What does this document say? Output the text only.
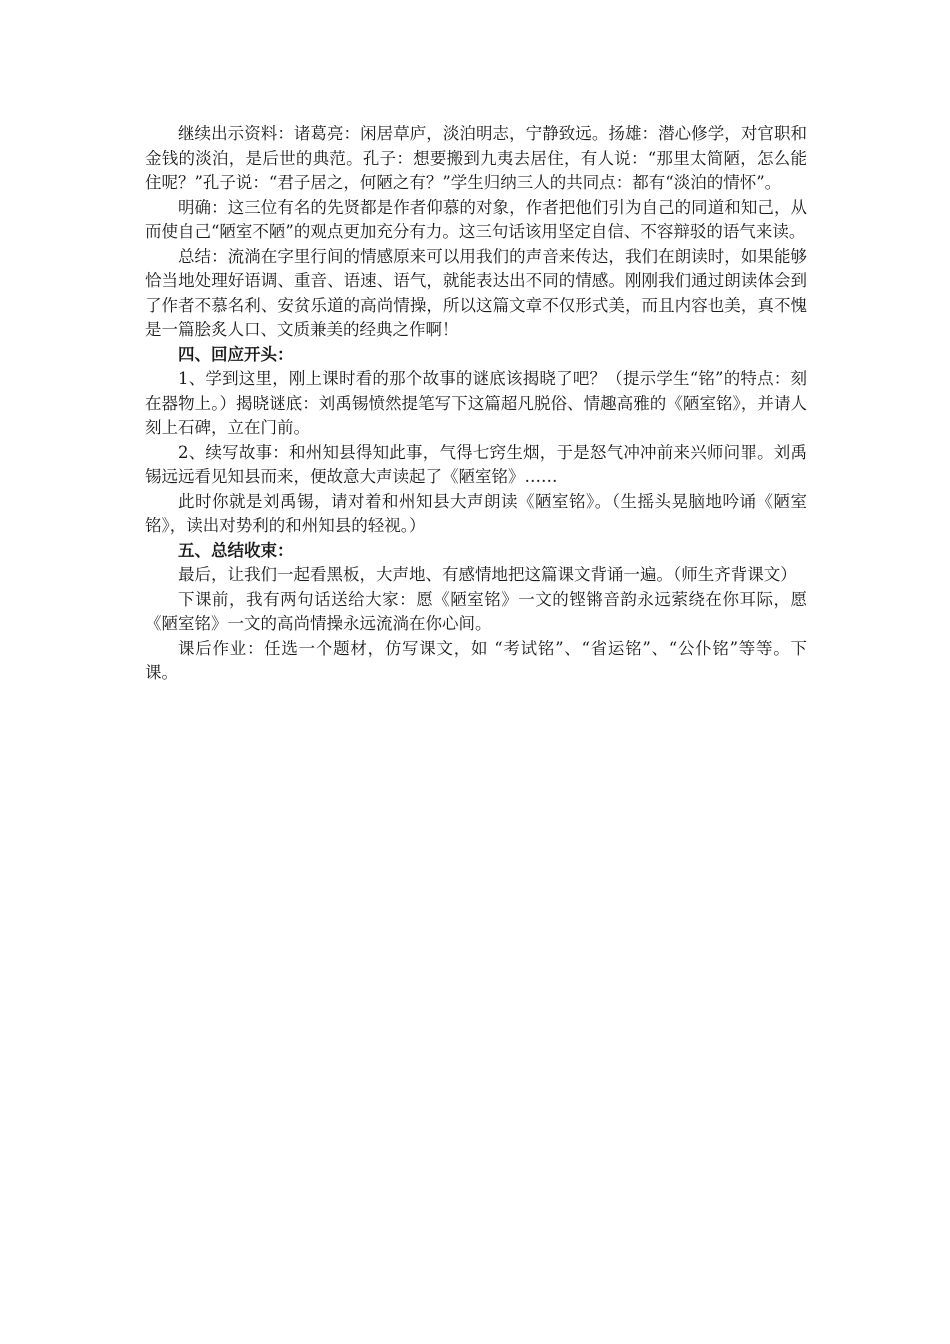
继续出示资料：诸葛亮：闲居草庐，淡泊明志，宁静致远。扬雄：潜心修学，对官职和金钱的淡泊，是后世的典范。孔子：想要搬到九夷去居住，有人说：“那里太简陋，怎么能住呢？”孔子说：“君子居之，何陋之有？”学生归纳三人的共同点：都有“淡泊的情怀”。

明确：这三位有名的先贤都是作者仰慕的对象，作者把他们引为自己的同道和知己，从而使自己“陋室不陋”的观点更加充分有力。这三句话该用坚定自信、不容辩驳的语气来读。

总结：流淌在字里行间的情感原来可以用我们的声音来传达，我们在朗读时，如果能够恰当地处理好语调、重音、语速、语气，就能表达出不同的情感。刚刚我们通过朗读体会到了作者不慕名利、安贫乐道的高尚情操，所以这篇文章不仅形式美，而且内容也美，真不愧是一篇脍炙人口、文质兼美的经典之作啊！

四、回应开头：

1、学到这里，刚上课时看的那个故事的谜底该揭晓了吧？（提示学生“铭”的特点：刻在器物上。）揭晓谜底：刘禹锡愤然提笔写下这篇超凡脱俗、情趣高雅的《陋室铭》，并请人刻上石碑，立在门前。

2、续写故事：和州知县得知此事，气得七窍生烟，于是怒气冲冲前来兴师问罪。刘禹锡远远看见知县而来，便故意大声读起了《陋室铭》……

此时你就是刘禹锡，请对着和州知县大声朗读《陋室铭》。（生摇头晃脑地吟诵《陋室铭》，读出对势利的和州知县的轻视。）

五、总结收束：

最后，让我们一起看黑板，大声地、有感情地把这篇课文背诵一遍。（师生齐背课文）

下课前，我有两句话送给大家：愿《陋室铭》一文的铿锵音韵永远萦绕在你耳际，愿《陋室铭》一文的高尚情操永远流淌在你心间。

课后作业：任选一个题材，仿写课文，如 “考试铭”、“省运铭”、“公仆铭”等等。下课。
